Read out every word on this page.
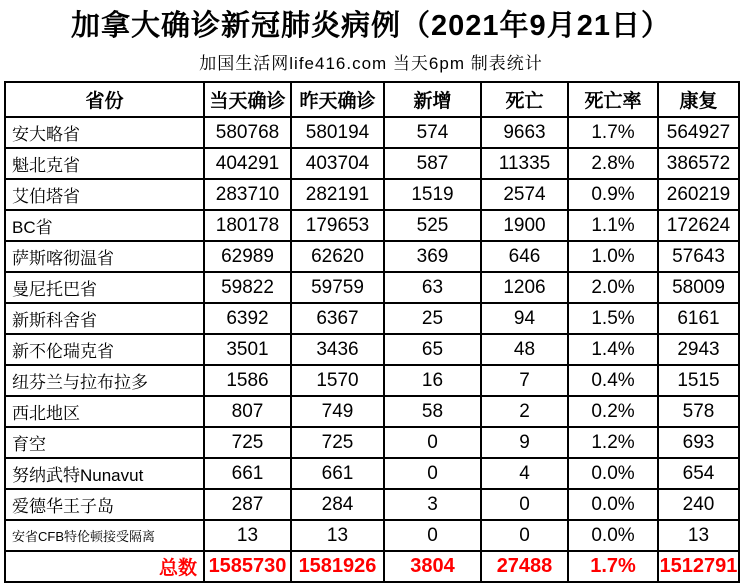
加拿大确诊新冠肺炎病例（2021年9月21日）
加国生活网life416.com 当天6pm 制表统计
省份	当天确诊	昨天确诊	新增	死亡	死亡率	康复
安大略省	580768	580194	574	9663	1.7%	564927
魁北克省	404291	403704	587	11335	2.8%	386572
艾伯塔省	283710	282191	1519	2574	0.9%	260219
BC省	180178	179653	525	1900	1.1%	172624
萨斯喀彻温省	62989	62620	369	646	1.0%	57643
曼尼托巴省	59822	59759	63	1206	2.0%	58009
新斯科舍省	6392	6367	25	94	1.5%	6161
新不伦瑞克省	3501	3436	65	48	1.4%	2943
纽芬兰与拉布拉多	1586	1570	16	7	0.4%	1515
西北地区	807	749	58	2	0.2%	578
育空	725	725	0	9	1.2%	693
努纳武特Nunavut	661	661	0	4	0.0%	654
爱德华王子岛	287	284	3	0	0.0%	240
安省CFB特伦顿接受隔离	13	13	0	0	0.0%	13
总数	1585730	1581926	3804	27488	1.7%	1512791
